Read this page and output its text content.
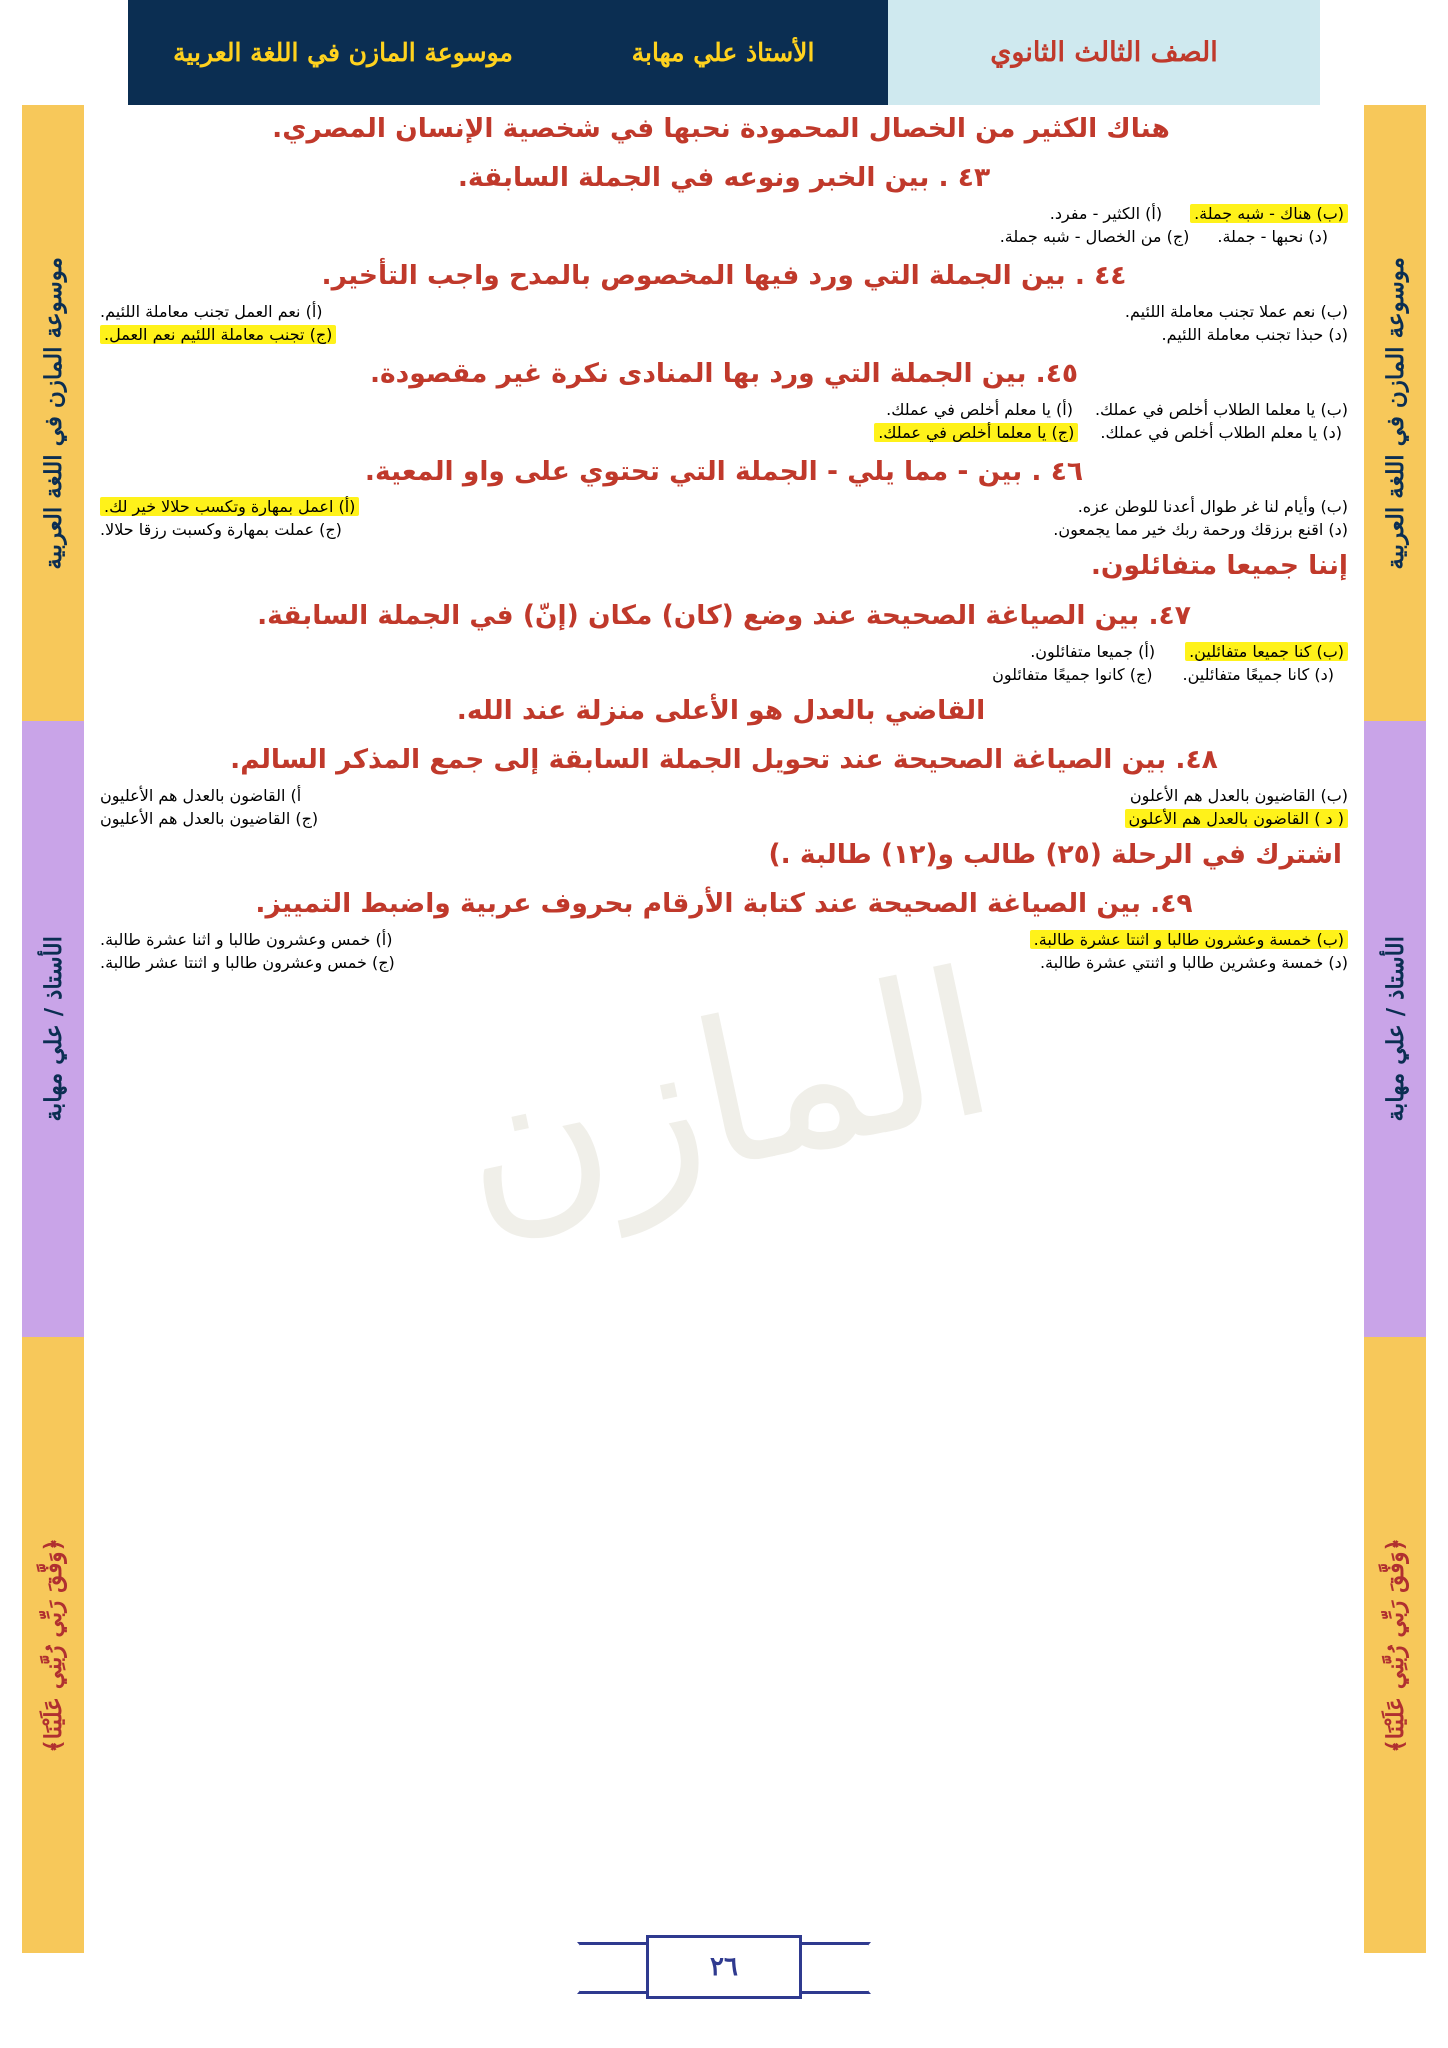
المازن
الصف الثالث الثانوي
الأستاذ علي مهابة
موسوعة المازن في اللغة العربية
موسوعة المازن في اللغة العربية
الأستاذ / علي مهابة
﴿وَفَّقَ رَبِّي رُبَّنِي عَلَيْنَا﴾
موسوعة المازن في اللغة العربية
الأستاذ / علي مهابة
﴿وَفَّقَ رَبِّي رُبَّنِي عَلَيْنَا﴾

هناك الكثير من الخصال المحمودة نحبها في شخصية الإنسان المصري.

٤٣ . بين الخبر ونوعه في الجملة السابقة.

(ب) هناك - شبه جملة.
(أ) الكثير - مفرد.
(د) نحبها - جملة.
(ج) من الخصال - شبه جملة.

٤٤ . بين الجملة التي ورد فيها المخصوص بالمدح واجب التأخير.

(ب) نعم عملا تجنب معاملة اللئيم.
(أ) نعم العمل تجنب معاملة اللئيم.
(د) حبذا تجنب معاملة اللئيم.
(ج) تجنب معاملة اللئيم نعم العمل.

٤٥. بين الجملة التي ورد بها المنادى نكرة غير مقصودة.

(ب) يا معلما الطلاب أخلص في عملك.
(أ) يا معلم أخلص في عملك.
(د) يا معلم الطلاب أخلص في عملك.
(ج) يا معلما أخلص في عملك.

٤٦ . بين - مما يلي - الجملة التي تحتوي على واو المعية.

(ب) وأيام لنا غر طوال أعدنا للوطن عزه.
(أ) اعمل بمهارة وتكسب حلالا خير لك.
(د) اقنع برزقك ورحمة ربك خير مما يجمعون.
(ج) عملت بمهارة وكسبت رزقا حلالا.

إننا جميعا متفائلون.

٤٧. بين الصياغة الصحيحة عند وضع (كان) مكان (إنّ) في الجملة السابقة.

(ب) كنا جميعا متفائلين.
(أ) جميعا متفائلون.
(د) كانا جميعًا متفائلين.
(ج) كانوا جميعًا متفائلون

القاضي بالعدل هو الأعلى منزلة عند الله.

٤٨. بين الصياغة الصحيحة عند تحويل الجملة السابقة إلى جمع المذكر السالم.

(ب) القاضيون بالعدل هم الأعلون
أ) القاضون بالعدل هم الأعليون
( د ) القاضون بالعدل هم الأعلون
(ج) القاضيون بالعدل هم الأعليون

اشترك في الرحلة (٢٥) طالب و(١٢) طالبة .)

٤٩. بين الصياغة الصحيحة عند كتابة الأرقام بحروف عربية واضبط التمييز.

(ب) خمسة وعشرون طالبا و اثنتا عشرة طالبة.
(أ) خمس وعشرون طالبا و اثنا عشرة طالبة.
(د) خمسة وعشرين طالبا و اثنتي عشرة طالبة.
(ج) خمس وعشرون طالبا و اثنتا عشر طالبة.
٢٦
